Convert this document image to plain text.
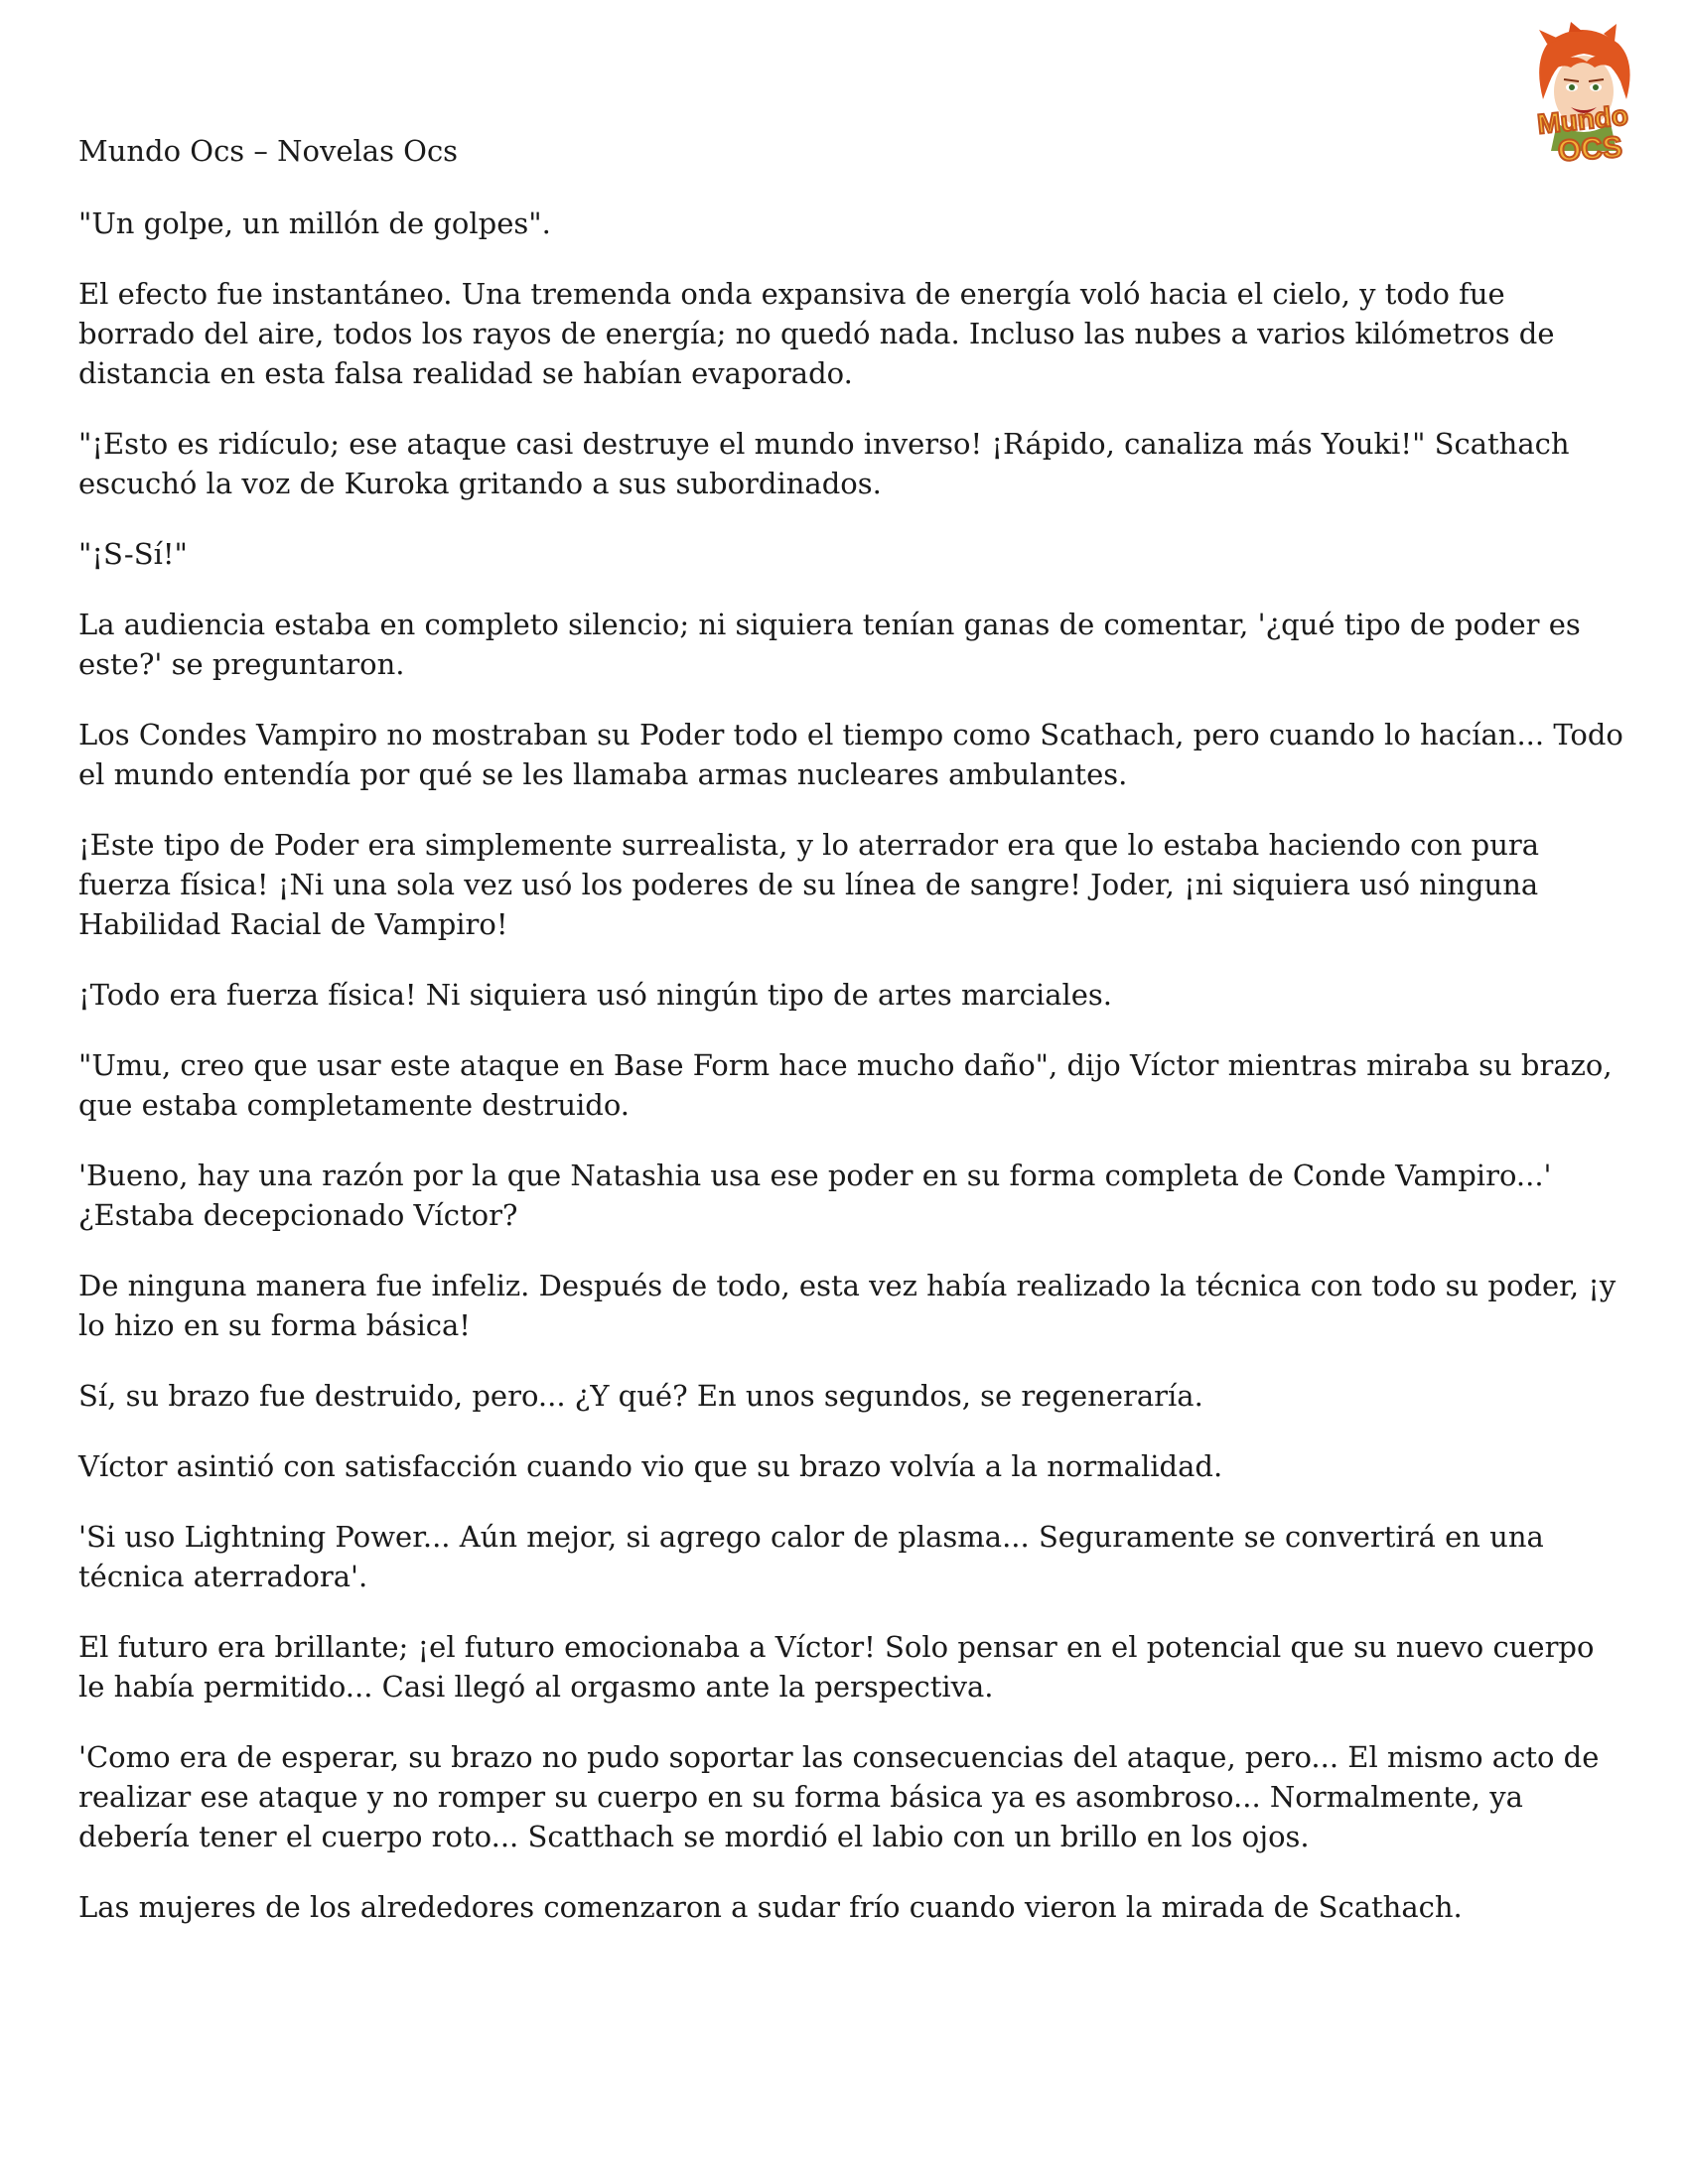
Mundo
OCS

Mundo Ocs – Novelas Ocs

"Un golpe, un millón de golpes".

El efecto fue instantáneo. Una tremenda onda expansiva de energía voló hacia el cielo, y todo fue borrado del aire, todos los rayos de energía; no quedó nada. Incluso las nubes a varios kilómetros de distancia en esta falsa realidad se habían evaporado.

"¡Esto es ridículo; ese ataque casi destruye el mundo inverso! ¡Rápido, canaliza más Youki!" Scathach escuchó la voz de Kuroka gritando a sus subordinados.

"¡S-Sí!"

La audiencia estaba en completo silencio; ni siquiera tenían ganas de comentar, '¿qué tipo de poder es este?' se preguntaron.

Los Condes Vampiro no mostraban su Poder todo el tiempo como Scathach, pero cuando lo hacían... Todo el mundo entendía por qué se les llamaba armas nucleares ambulantes.

¡Este tipo de Poder era simplemente surrealista, y lo aterrador era que lo estaba haciendo con pura fuerza física! ¡Ni una sola vez usó los poderes de su línea de sangre! Joder, ¡ni siquiera usó ninguna Habilidad Racial de Vampiro!

¡Todo era fuerza física! Ni siquiera usó ningún tipo de artes marciales.

"Umu, creo que usar este ataque en Base Form hace mucho daño", dijo Víctor mientras miraba su brazo, que estaba completamente destruido.

'Bueno, hay una razón por la que Natashia usa ese poder en su forma completa de Conde Vampiro...' ¿Estaba decepcionado Víctor?

De ninguna manera fue infeliz. Después de todo, esta vez había realizado la técnica con todo su poder, ¡y lo hizo en su forma básica!

Sí, su brazo fue destruido, pero... ¿Y qué? En unos segundos, se regeneraría.

Víctor asintió con satisfacción cuando vio que su brazo volvía a la normalidad.

'Si uso Lightning Power... Aún mejor, si agrego calor de plasma... Seguramente se convertirá en una técnica aterradora'.

El futuro era brillante; ¡el futuro emocionaba a Víctor! Solo pensar en el potencial que su nuevo cuerpo le había permitido... Casi llegó al orgasmo ante la perspectiva.

'Como era de esperar, su brazo no pudo soportar las consecuencias del ataque, pero... El mismo acto de realizar ese ataque y no romper su cuerpo en su forma básica ya es asombroso... Normalmente, ya debería tener el cuerpo roto... Scatthach se mordió el labio con un brillo en los ojos.

Las mujeres de los alrededores comenzaron a sudar frío cuando vieron la mirada de Scathach.
